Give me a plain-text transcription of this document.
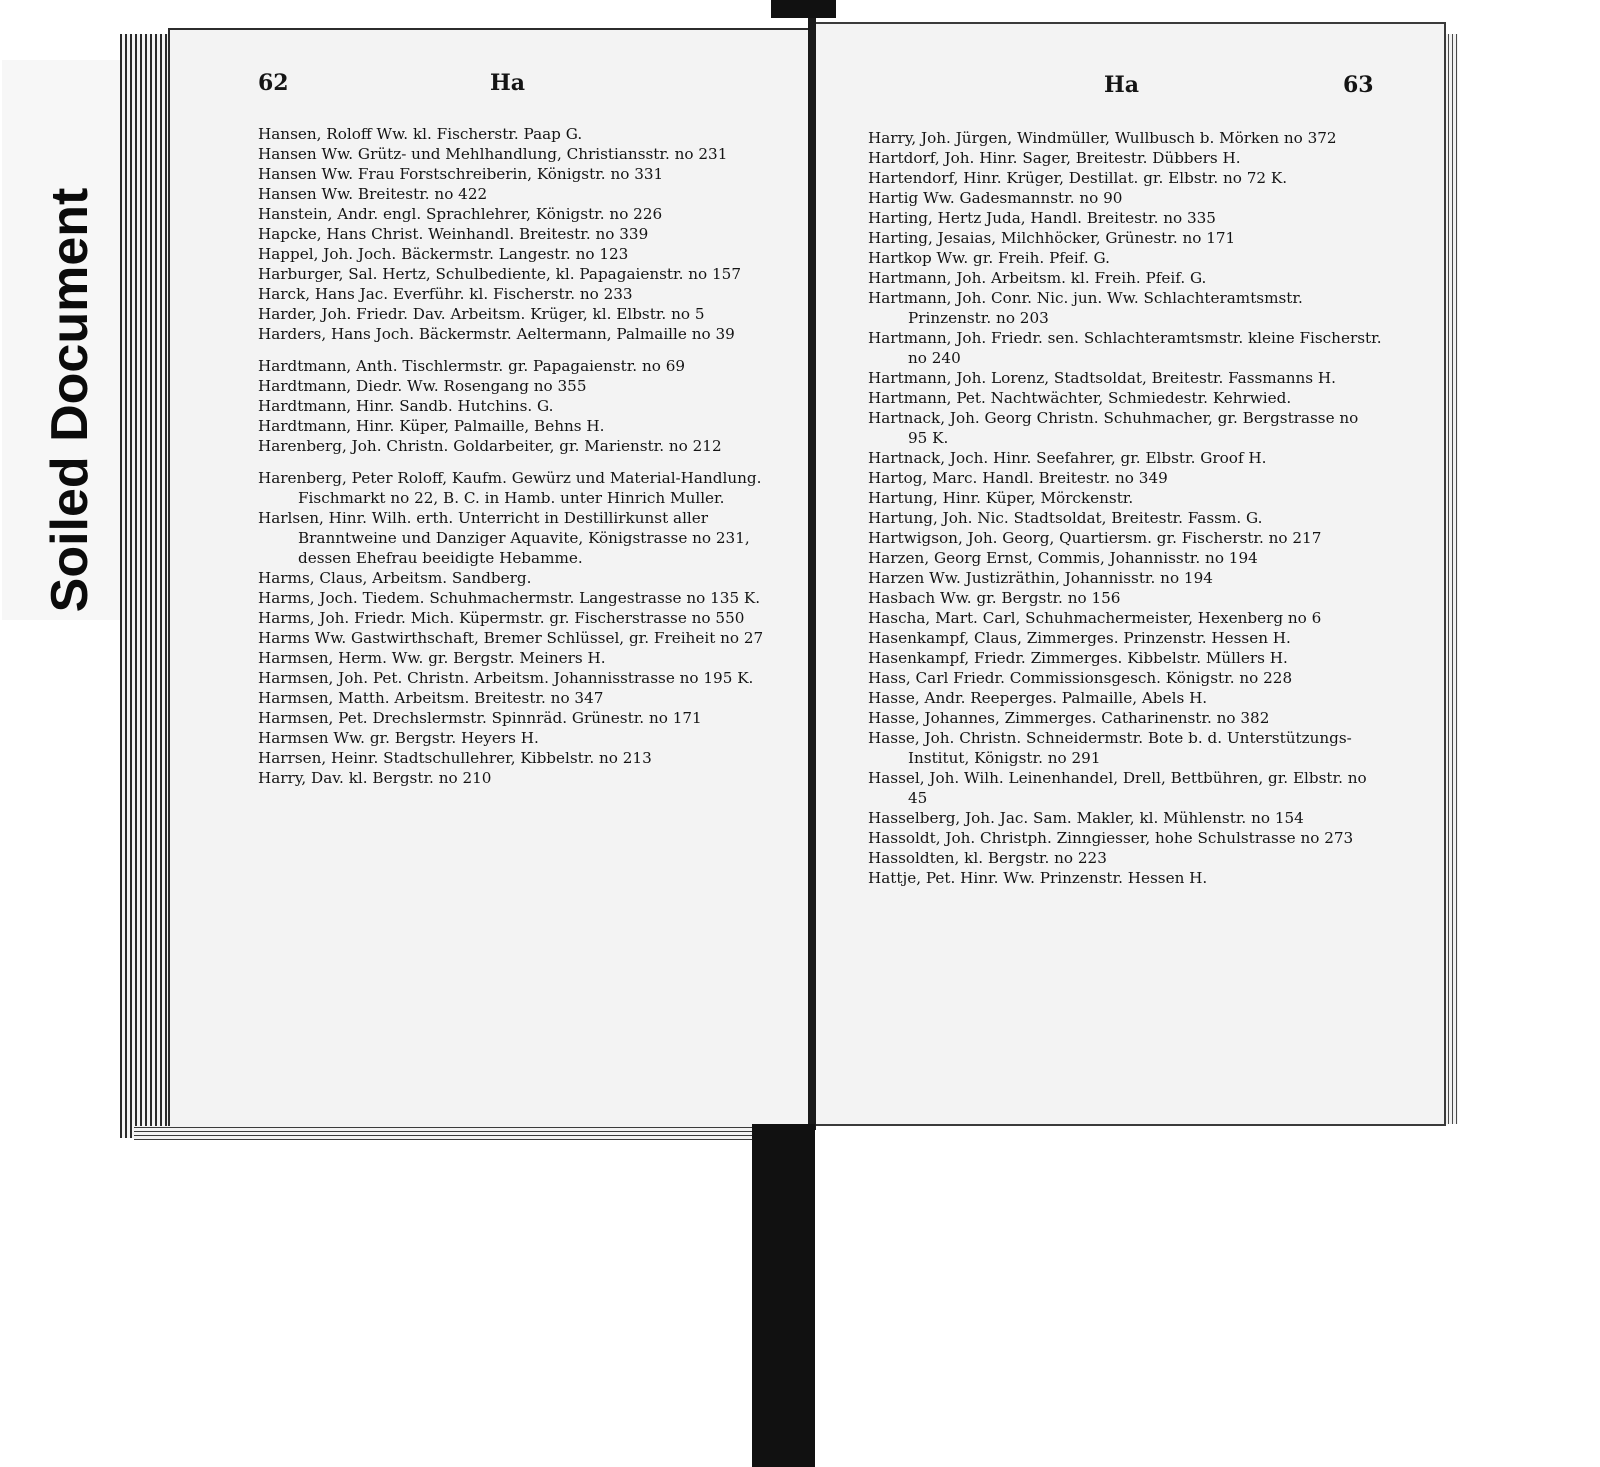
Soiled Document
62	Ha	Ha	63
Hansen, Roloff Ww. kl. Fischerstr. Paap G.
Hansen Ww. Grütz- und Mehlhandlung, Christiansstr. no 231
Hansen Ww. Frau Forstschreiberin, Königstr. no 331
Hansen Ww. Breitestr. no 422
Hanstein, Andr. engl. Sprachlehrer, Königstr. no 226
Hapcke, Hans Christ. Weinhandl. Breitestr. no 339
Happel, Joh. Joch. Bäckermstr. Langestr. no 123
Harburger, Sal. Hertz, Schulbediente, kl. Papagaienstr. no 157
Harck, Hans Jac. Everführ. kl. Fischerstr. no 233
Harder, Joh. Friedr. Dav. Arbeitsm. Krüger, kl. Elbstr. no 5
Harders, Hans Joch. Bäckermstr. Aeltermann, Palmaille no 39
Hardtmann, Anth. Tischlermstr. gr. Papagaienstr. no 69
Hardtmann, Diedr. Ww. Rosengang no 355
Hardtmann, Hinr. Sandb. Hutchins. G.
Hardtmann, Hinr. Küper, Palmaille, Behns H.
Harenberg, Joh. Christn. Goldarbeiter, gr. Marienstr. no 212
Harenberg, Peter Roloff, Kaufm. Gewürz und Material-Handlung. Fischmarkt no 22, B. C. in Hamb. unter Hinrich Muller.
Harlsen, Hinr. Wilh. erth. Unterricht in Destillirkunst aller Branntweine und Danziger Aquavite, Königstrasse no 231, dessen Ehefrau beeidigte Hebamme.
Harms, Claus, Arbeitsm. Sandberg.
Harms, Joch. Tiedem. Schuhmachermstr. Langestrasse no 135 K.
Harms, Joh. Friedr. Mich. Küpermstr. gr. Fischerstrasse no 550
Harms Ww. Gastwirthschaft, Bremer Schlüssel, gr. Freiheit no 27
Harmsen, Herm. Ww. gr. Bergstr. Meiners H.
Harmsen, Joh. Pet. Christn. Arbeitsm. Johannisstrasse no 195 K.
Harmsen, Matth. Arbeitsm. Breitestr. no 347
Harmsen, Pet. Drechslermstr. Spinnräd. Grünestr. no 171
Harmsen Ww. gr. Bergstr. Heyers H.
Harrsen, Heinr. Stadtschullehrer, Kibbelstr. no 213
Harry, Dav. kl. Bergstr. no 210
Harry, Joh. Jürgen, Windmüller, Wullbusch b. Mörken no 372
Hartdorf, Joh. Hinr. Sager, Breitestr. Dübbers H.
Hartendorf, Hinr. Krüger, Destillat. gr. Elbstr. no 72 K.
Hartig Ww. Gadesmannstr. no 90
Harting, Hertz Juda, Handl. Breitestr. no 335
Harting, Jesaias, Milchhöcker, Grünestr. no 171
Hartkop Ww. gr. Freih. Pfeif. G.
Hartmann, Joh. Arbeitsm. kl. Freih. Pfeif. G.
Hartmann, Joh. Conr. Nic. jun. Ww. Schlachteramtsmstr. Prinzenstr. no 203
Hartmann, Joh. Friedr. sen. Schlachteramtsmstr. kleine Fischerstr. no 240
Hartmann, Joh. Lorenz, Stadtsoldat, Breitestr. Fassmanns H.
Hartmann, Pet. Nachtwächter, Schmiedestr. Kehrwied.
Hartnack, Joh. Georg Christn. Schuhmacher, gr. Bergstrasse no 95 K.
Hartnack, Joch. Hinr. Seefahrer, gr. Elbstr. Groof H.
Hartog, Marc. Handl. Breitestr. no 349
Hartung, Hinr. Küper, Mörckenstr.
Hartung, Joh. Nic. Stadtsoldat, Breitestr. Fassm. G.
Hartwigson, Joh. Georg, Quartiersm. gr. Fischerstr. no 217
Harzen, Georg Ernst, Commis, Johannisstr. no 194
Harzen Ww. Justizräthin, Johannisstr. no 194
Hasbach Ww. gr. Bergstr. no 156
Hascha, Mart. Carl, Schuhmachermeister, Hexenberg no 6
Hasenkampf, Claus, Zimmerges. Prinzenstr. Hessen H.
Hasenkampf, Friedr. Zimmerges. Kibbelstr. Müllers H.
Hass, Carl Friedr. Commissionsgesch. Königstr. no 228
Hasse, Andr. Reeperges. Palmaille, Abels H.
Hasse, Johannes, Zimmerges. Catharinenstr. no 382
Hasse, Joh. Christn. Schneidermstr. Bote b. d. Unterstützungs-Institut, Königstr. no 291
Hassel, Joh. Wilh. Leinenhandel, Drell, Bettbühren, gr. Elbstr. no 45
Hasselberg, Joh. Jac. Sam. Makler, kl. Mühlenstr. no 154
Hassoldt, Joh. Christph. Zinngiesser, hohe Schulstrasse no 273
Hassoldten, kl. Bergstr. no 223
Hattje, Pet. Hinr. Ww. Prinzenstr. Hessen H.
